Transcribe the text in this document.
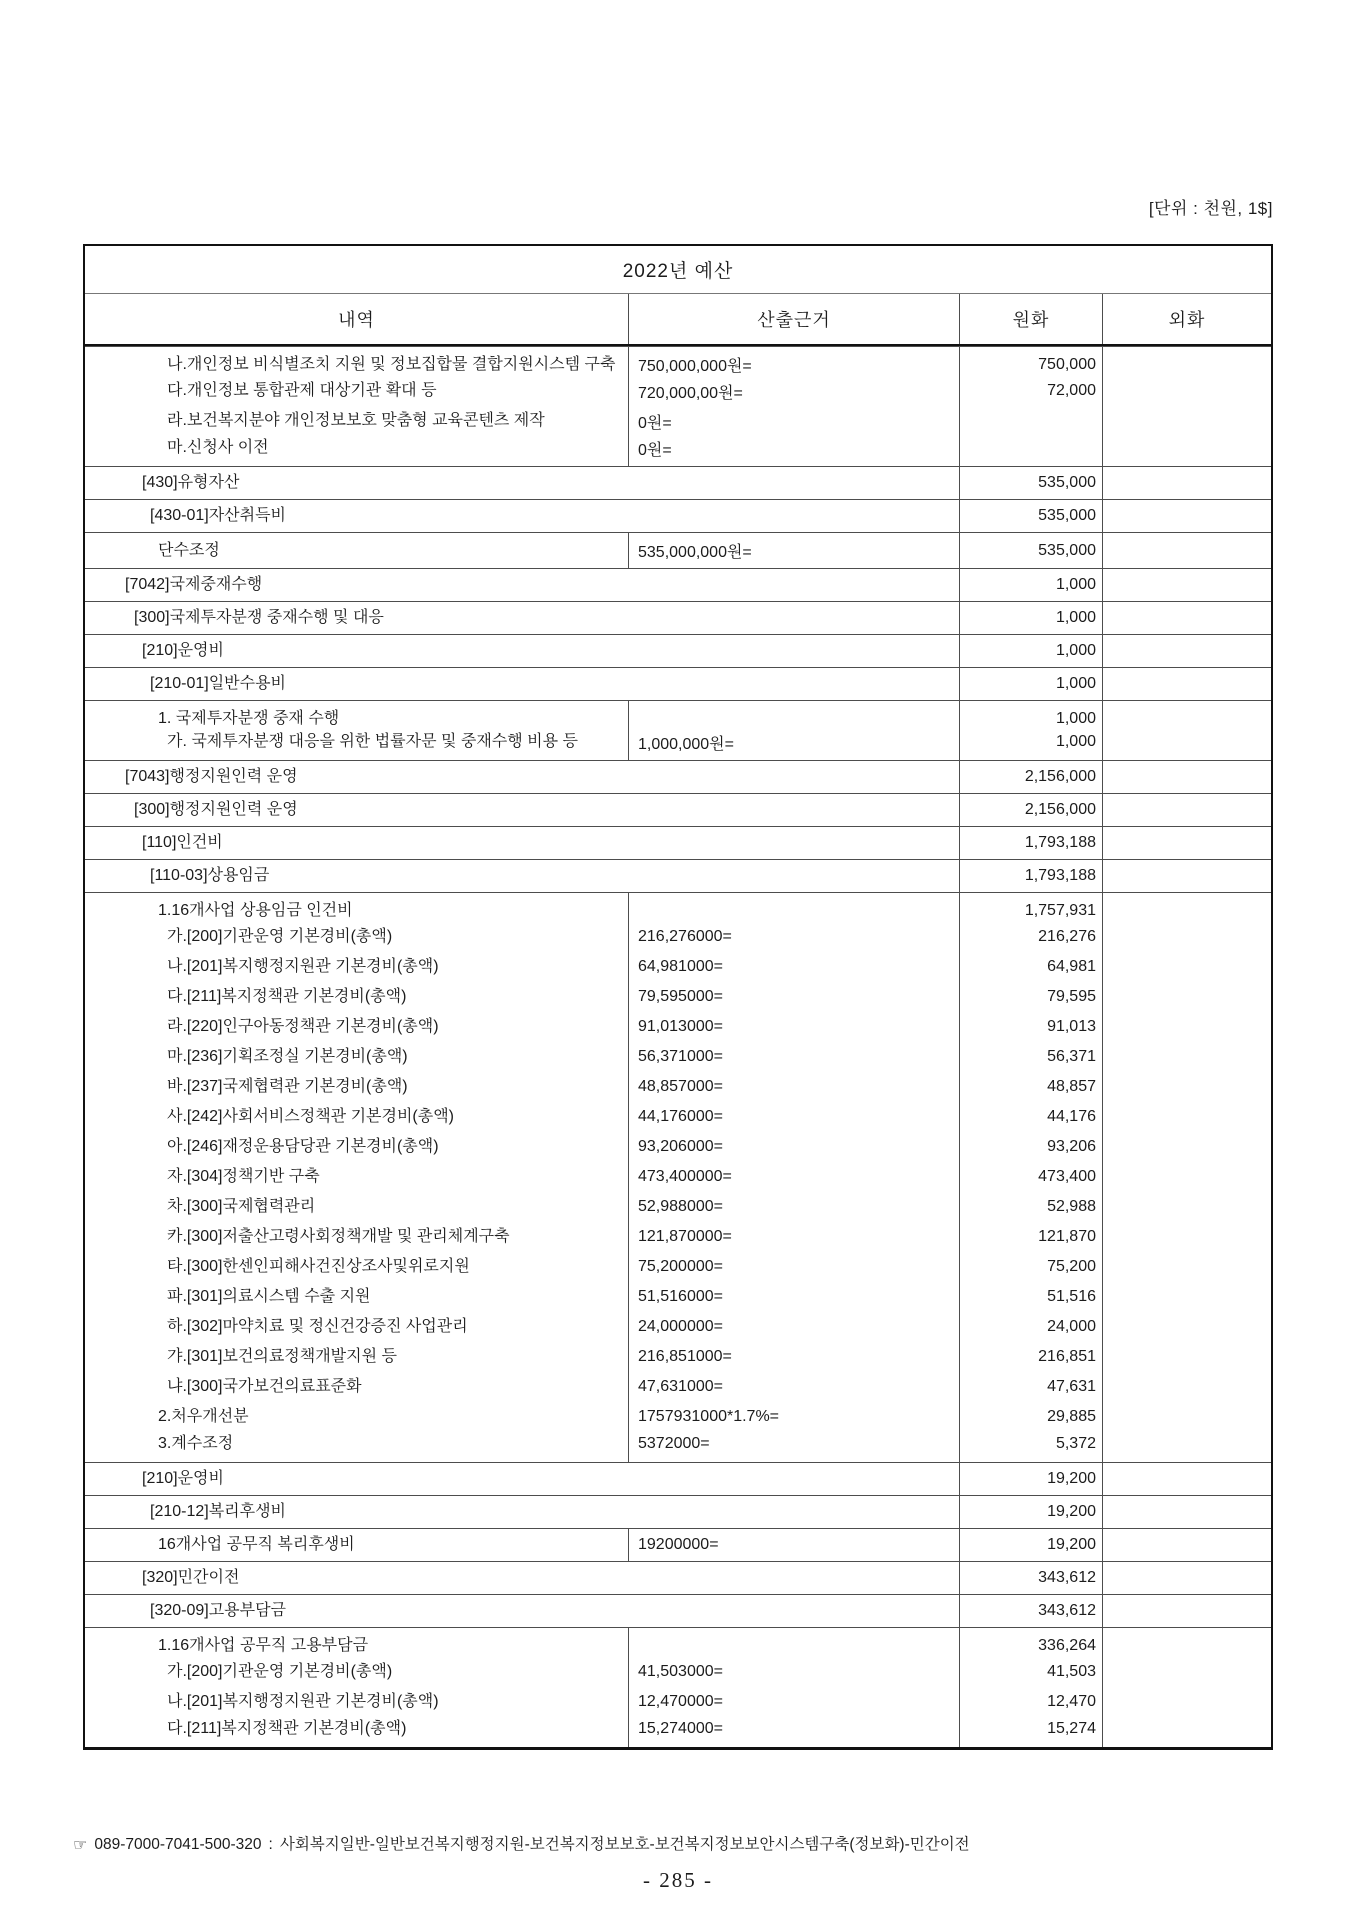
[단위 : 천원, 1$]
2022년 예산
내역	산출근거	원화	외화
나.개인정보 비식별조치 지원 및 정보집합물 결합지원시스템 구축	750,000,000원=	750,000
다.개인정보 통합관제 대상기관 확대 등	720,000,00원=	72,000
라.보건복지분야 개인정보보호 맞춤형 교육콘텐츠 제작	0원=
마.신청사 이전	0원=
[430]유형자산	535,000
[430-01]자산취득비	535,000
단수조정	535,000,000원=	535,000
[7042]국제중재수행	1,000
[300]국제투자분쟁 중재수행 및 대응	1,000
[210]운영비	1,000
[210-01]일반수용비	1,000
1. 국제투자분쟁 중재 수행	1,000
가. 국제투자분쟁 대응을 위한 법률자문 및 중재수행 비용 등	1,000,000원=	1,000
[7043]행정지원인력 운영	2,156,000
[300]행정지원인력 운영	2,156,000
[110]인건비	1,793,188
[110-03]상용임금	1,793,188
1.16개사업 상용임금 인건비	1,757,931
가.[200]기관운영 기본경비(총액)	216,276000=	216,276
나.[201]복지행정지원관 기본경비(총액)	64,981000=	64,981
다.[211]복지정책관 기본경비(총액)	79,595000=	79,595
라.[220]인구아동정책관 기본경비(총액)	91,013000=	91,013
마.[236]기획조정실 기본경비(총액)	56,371000=	56,371
바.[237]국제협력관 기본경비(총액)	48,857000=	48,857
사.[242]사회서비스정책관 기본경비(총액)	44,176000=	44,176
아.[246]재정운용담당관 기본경비(총액)	93,206000=	93,206
자.[304]정책기반 구축	473,400000=	473,400
차.[300]국제협력관리	52,988000=	52,988
카.[300]저출산고령사회정책개발 및 관리체계구축	121,870000=	121,870
타.[300]한센인피해사건진상조사및위로지원	75,200000=	75,200
파.[301]의료시스템 수출 지원	51,516000=	51,516
하.[302]마약치료 및 정신건강증진 사업관리	24,000000=	24,000
갸.[301]보건의료정책개발지원 등	216,851000=	216,851
냐.[300]국가보건의료표준화	47,631000=	47,631
2.처우개선분	1757931000*1.7%=	29,885
3.계수조정	5372000=	5,372
[210]운영비	19,200
[210-12]복리후생비	19,200
16개사업 공무직 복리후생비	19200000=	19,200
[320]민간이전	343,612
[320-09]고용부담금	343,612
1.16개사업 공무직 고용부담금	336,264
가.[200]기관운영 기본경비(총액)	41,503000=	41,503
나.[201]복지행정지원관 기본경비(총액)	12,470000=	12,470
다.[211]복지정책관 기본경비(총액)	15,274000=	15,274
☞ 089-7000-7041-500-320 : 사회복지일반-일반보건복지행정지원-보건복지정보보호-보건복지정보보안시스템구축(정보화)-민간이전
- 285 -
